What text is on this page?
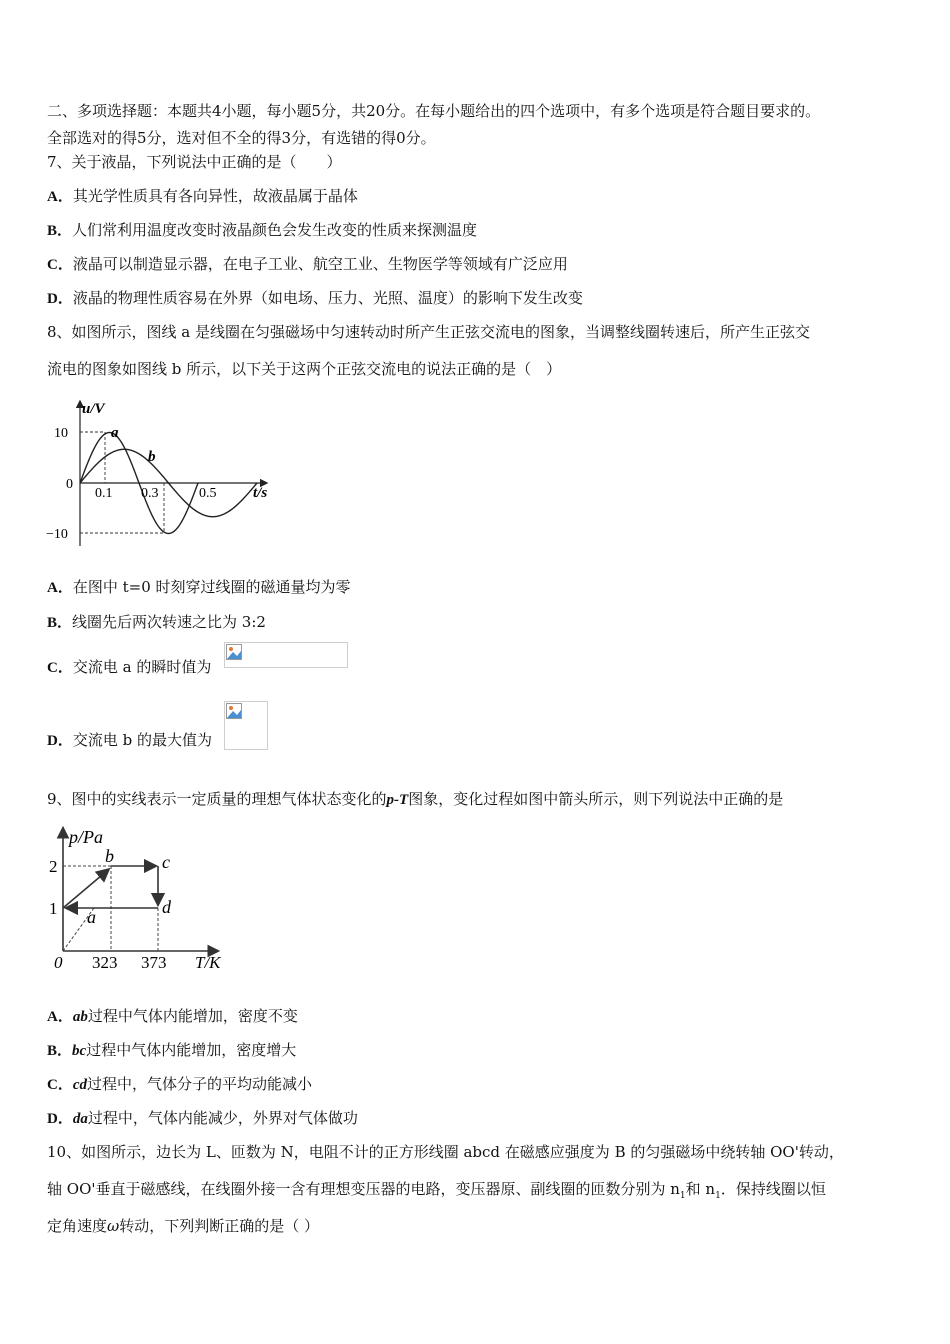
二、多项选择题：本题共4小题，每小题5分，共20分。在每小题给出的四个选项中，有多个选项是符合题目要求的。
全部选对的得5分，选对但不全的得3分，有选错的得0分。
7、关于液晶，下列说法中正确的是（　　）
A．其光学性质具有各向异性，故液晶属于晶体
B．人们常利用温度改变时液晶颜色会发生改变的性质来探测温度
C．液晶可以制造显示器，在电子工业、航空工业、生物医学等领域有广泛应用
D．液晶的物理性质容易在外界（如电场、压力、光照、温度）的影响下发生改变
8、如图所示，图线 a 是线圈在匀强磁场中匀速转动时所产生正弦交流电的图象，当调整线圈转速后，所产生正弦交
流电的图象如图线 b 所示，以下关于这两个正弦交流电的说法正确的是（　）
u/V
10
0
−10
0.1 0.3	0.5 t/s
a
b
A．在图中 t=0 时刻穿过线圈的磁通量均为零
B．线圈先后两次转速之比为 3:2
C．交流电 a 的瞬时值为
D．交流电 b 的最大值为
9、图中的实线表示一定质量的理想气体状态变化的p-T图象，变化过程如图中箭头所示，则下列说法中正确的是
p/Pa
2
1
0 323 373 T/K
a
b	c
d
A．ab过程中气体内能增加，密度不变
B．bc过程中气体内能增加，密度增大
C．cd过程中，气体分子的平均动能减小
D．da过程中，气体内能减少，外界对气体做功
10、如图所示，边长为 L、匝数为 N，电阻不计的正方形线圈 abcd 在磁感应强度为 B 的匀强磁场中绕转轴 OO'转动，
轴 OO'垂直于磁感线，在线圈外接一含有理想变压器的电路，变压器原、副线圈的匝数分别为 $n_1$和 $n_1$．保持线圈以恒
定角速度ω转动，下列判断正确的是（ ）
